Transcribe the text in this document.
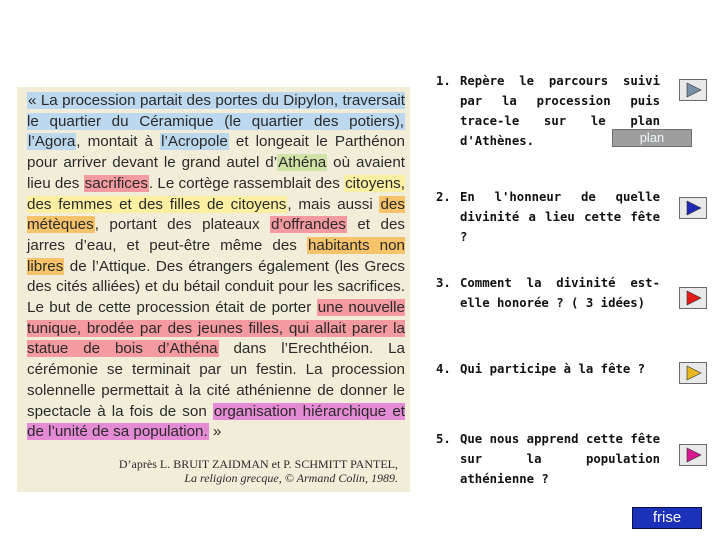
« La procession partait des portes du Dipylon, traversait le quartier du Céramique (le quartier des potiers), l’Agora, montait à l’Acropole et longeait le Parthénon pour arriver devant le grand autel d’Athéna où avaient lieu des sacrifices. Le cortège rassemblait des citoyens, des femmes et des filles de citoyens, mais aussi des métèques, portant des plateaux d’offrandes et des jarres d’eau, et peut-être même des habitants non libres de l’Attique. Des étrangers également (les Grecs des cités alliées) et du bétail conduit pour les sacrifices. Le but de cette procession était de porter une nouvelle tunique, brodée par des jeunes filles, qui allait parer la statue de bois d’Athéna dans l’Erechthéion. La cérémonie se terminait par un festin. La procession solennelle permettait à la cité athénienne de donner le spectacle à la fois de son organisation hiérarchique et de l’unité de sa population. »
D’après L. BRUIT ZAIDMAN et P. SCHMITT PANTEL,
La religion grecque, © Armand Colin, 1989.
1. Repère le parcours suivi par la procession puis trace-le sur le plan d'Athènes.	plan
2. En l'honneur de quelle divinité a lieu cette fête ?
3. Comment la divinité est-elle honorée ? ( 3 idées)
4. Qui participe à la fête ?
5. Que nous apprend cette fête sur la population athénienne ?
frise
